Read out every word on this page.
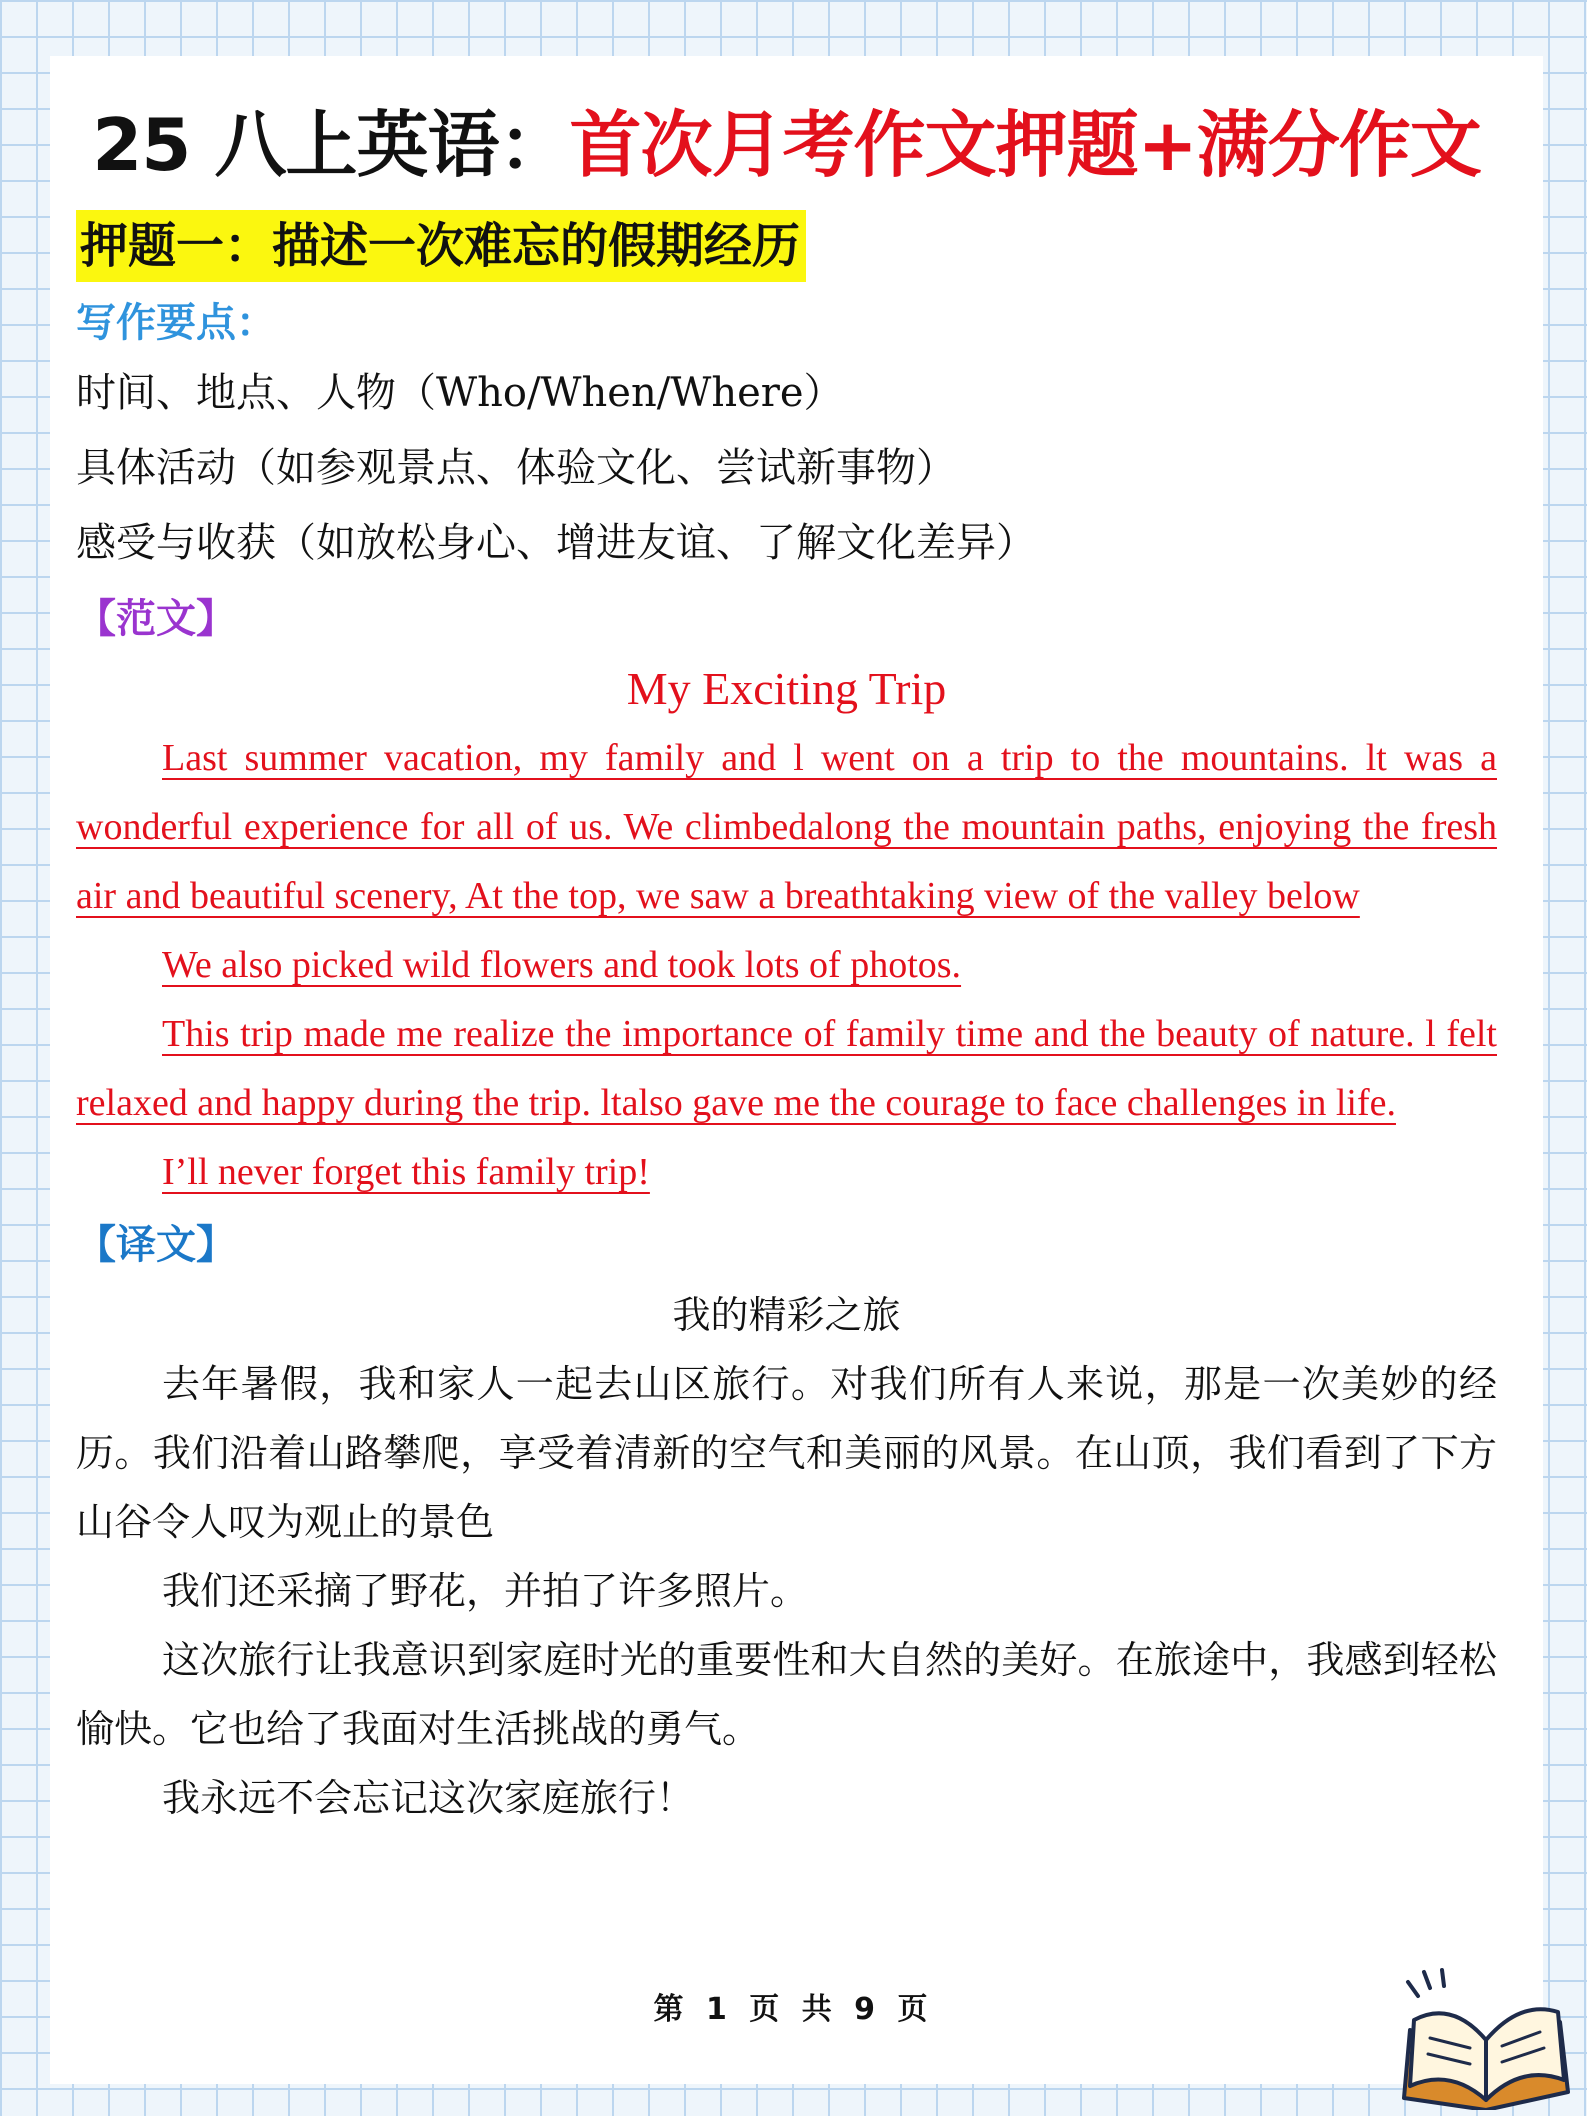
25 八上英语：首次月考作文押题+满分作文
押题一：描述一次难忘的假期经历
写作要点：
时间、地点、人物（Who/When/Where）
具体活动（如参观景点、体验文化、尝试新事物）
感受与收获（如放松身心、增进友谊、了解文化差异）
【范文】
My Exciting Trip

Last summer vacation, my family and l went on a trip to the mountains. lt was a wonderful experience for all of us. We climbedalong the mountain paths, enjoying the fresh air and beautiful scenery, At the top, we saw a breathtaking view of the valley below

We also picked wild flowers and took lots of photos.

This trip made me realize the importance of family time and the beauty of nature. l felt relaxed and happy during the trip. ltalso gave me the courage to face challenges in life.

I’ll never forget this family trip!

【译文】
我的精彩之旅

去年暑假，我和家人一起去山区旅行。对我们所有人来说，那是一次美妙的经历。我们沿着山路攀爬，享受着清新的空气和美丽的风景。在山顶，我们看到了下方山谷令人叹为观止的景色

我们还采摘了野花，并拍了许多照片。

这次旅行让我意识到家庭时光的重要性和大自然的美好。在旅途中，我感到轻松愉快。它也给了我面对生活挑战的勇气。

我永远不会忘记这次家庭旅行！

第 1 页 共 9 页
